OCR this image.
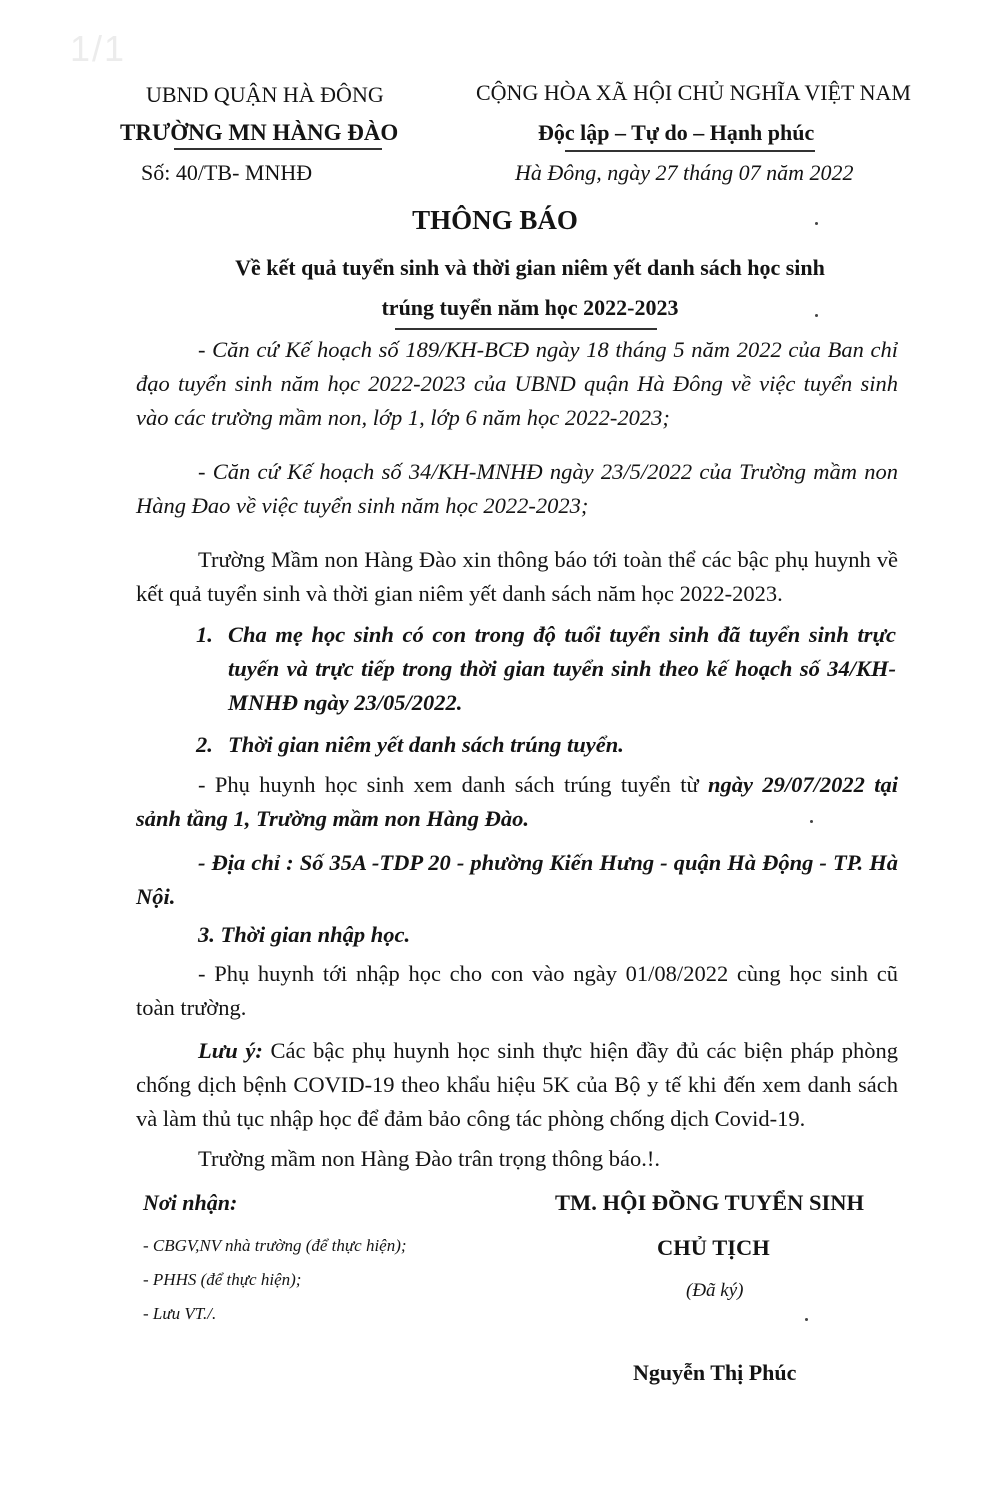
1/1
UBND QUẬN HÀ ĐÔNG
TRƯỜNG MN HÀNG ĐÀO
Số: 40/TB- MNHĐ
CỘNG HÒA XÃ HỘI CHỦ NGHĨA VIỆT NAM
Độc lập – Tự do – Hạnh phúc
Hà Đông, ngày 27 tháng 07 năm 2022
THÔNG BÁO
Về kết quả tuyển sinh và thời gian niêm yết danh sách học sinh
trúng tuyển năm học 2022-2023
- Căn cứ Kế hoạch số 189/KH-BCĐ ngày 18 tháng 5 năm 2022 của Ban chỉ đạo tuyển sinh năm học 2022-2023 của UBND quận Hà Đông về việc tuyển sinh vào các trường mầm non, lớp 1, lớp 6 năm học 2022-2023;
- Căn cứ Kế hoạch số 34/KH-MNHĐ ngày 23/5/2022 của Trường mầm non Hàng Đao về việc tuyển sinh năm học 2022-2023;
Trường Mầm non Hàng Đào xin thông báo tới toàn thể các bậc phụ huynh về kết quả tuyển sinh và thời gian niêm yết danh sách năm học 2022-2023.
1. Cha mẹ học sinh có con trong độ tuổi tuyển sinh đã tuyển sinh trực tuyến và trực tiếp trong thời gian tuyển sinh theo kế hoạch số 34/KH-MNHĐ ngày 23/05/2022.
2. Thời gian niêm yết danh sách trúng tuyển.
- Phụ huynh học sinh xem danh sách trúng tuyển từ ngày 29/07/2022 tại sảnh tầng 1, Trường mầm non Hàng Đào.
- Địa chỉ : Số 35A -TDP 20 - phường Kiến Hưng - quận Hà Động - TP. Hà Nội.
3. Thời gian nhập học.
- Phụ huynh tới nhập học cho con vào ngày 01/08/2022 cùng học sinh cũ toàn trường.
Lưu ý: Các bậc phụ huynh học sinh thực hiện đầy đủ các biện pháp phòng chống dịch bệnh COVID-19 theo khẩu hiệu 5K của Bộ y tế khi đến xem danh sách và làm thủ tục nhập học để đảm bảo công tác phòng chống dịch Covid-19.
Trường mầm non Hàng Đào trân trọng thông báo.!.
Nơi nhận:
- CBGV,NV nhà trường (để thực hiện);
- PHHS (để thực hiện);
- Lưu VT./.
TM. HỘI ĐỒNG TUYỂN SINH
CHỦ TỊCH
(Đã ký)
Nguyễn Thị Phúc
